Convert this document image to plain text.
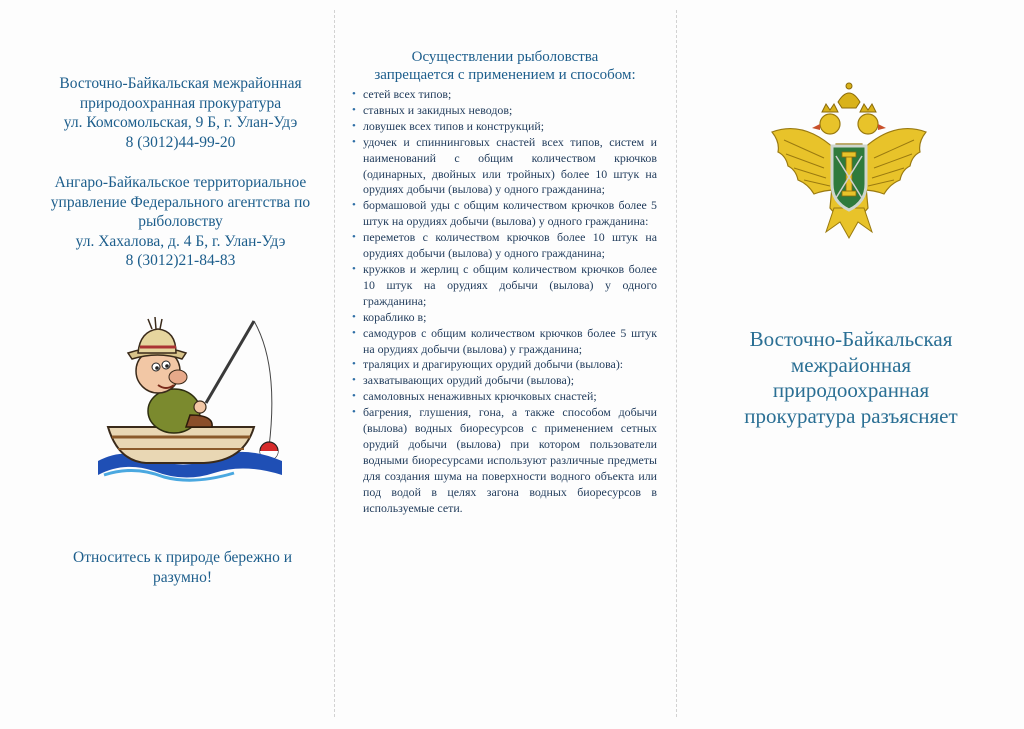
Восточно-Байкальская межрайонная
природоохранная прокуратура
ул. Комсомольская, 9 Б, г. Улан-Удэ
8 (3012)44-99-20
Ангаро-Байкальское территориальное
управление Федерального агентства по
рыболовству
ул. Хахалова, д. 4 Б, г. Улан-Удэ
8 (3012)21-84-83
Относитесь к природе бережно и
разумно!
Осуществлении рыболовства
запрещается с применением и способом:
• сетей всех типов;
• ставных и закидных неводов;
• ловушек всех типов и конструкций;
• удочек и спиннинговых снастей всех типов, систем и наименований с общим количеством крючков (одинарных, двойных или тройных) более 10 штук на орудиях добычи (вылова) у одного гражданина;
• бормашовой уды с общим количеством крючков более 5 штук на орудиях добычи (вылова) у одного гражданина:
• переметов с количеством крючков более 10 штук на орудиях добычи (вылова) у одного гражданина;
• кружков и жерлиц с общим количеством крючков более 10 штук на орудиях добычи (вылова) у одного гражданина;
• кораблико в;
• самодуров с общим количеством крючков более 5 штук на орудиях добычи (вылова) у гражданина;
• траляцих и драгирующих орудий добычи (вылова):
• захватывающих орудий добычи (вылова);
• самоловных ненаживных крючковых снастей;
• багрения, глушения, гона, а также способом добычи (вылова) водных биоресурсов с применением сетных орудий добычи (вылова) при котором пользователи водными биоресурсами используют различные предметы для создания шума на поверхности водного объекта или под водой в целях загона водных биоресурсов в используемые сети.
Восточно-Байкальская
межрайонная
природоохранная
прокуратура разъясняет
